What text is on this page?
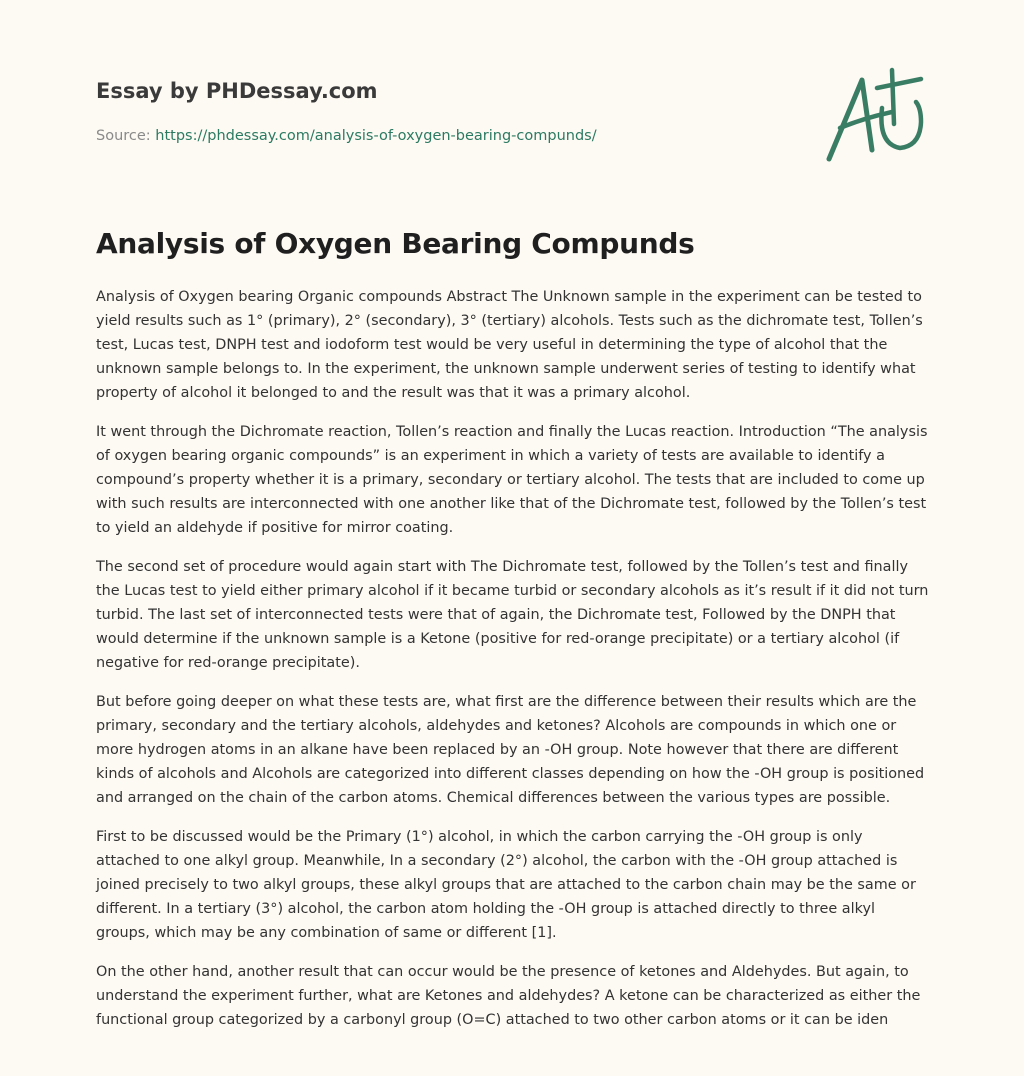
Essay by PHDessay.com
Source: https://phdessay.com/analysis-of-oxygen-bearing-compunds/
Analysis of Oxygen Bearing Compunds

Analysis of Oxygen bearing Organic compounds Abstract The Unknown sample in the experiment can be tested to yield results such as 1° (primary), 2° (secondary), 3° (tertiary) alcohols. Tests such as the dichromate test, Tollen’s test, Lucas test, DNPH test and iodoform test would be very useful in determining the type of alcohol that the unknown sample belongs to. In the experiment, the unknown sample underwent series of testing to identify what property of alcohol it belonged to and the result was that it was a primary alcohol.

It went through the Dichromate reaction, Tollen’s reaction and finally the Lucas reaction. Introduction “The analysis of oxygen bearing organic compounds” is an experiment in which a variety of tests are available to identify a compound’s property whether it is a primary, secondary or tertiary alcohol. The tests that are included to come up with such results are interconnected with one another like that of the Dichromate test, followed by the Tollen’s test to yield an aldehyde if positive for mirror coating.

The second set of procedure would again start with The Dichromate test, followed by the Tollen’s test and finally the Lucas test to yield either primary alcohol if it became turbid or secondary alcohols as it’s result if it did not turn turbid. The last set of interconnected tests were that of again, the Dichromate test, Followed by the DNPH that would determine if the unknown sample is a Ketone (positive for red-orange precipitate) or a tertiary alcohol (if negative for red-orange precipitate).

But before going deeper on what these tests are, what first are the difference between their results which are the primary, secondary and the tertiary alcohols, aldehydes and ketones? Alcohols are compounds in which one or more hydrogen atoms in an alkane have been replaced by an -OH group. Note however that there are different kinds of alcohols and Alcohols are categorized into different classes depending on how the -OH group is positioned and arranged on the chain of the carbon atoms. Chemical differences between the various types are possible.

First to be discussed would be the Primary (1°) alcohol, in which the carbon carrying the -OH group is only attached to one alkyl group. Meanwhile, In a secondary (2°) alcohol, the carbon with the -OH group attached is joined precisely to two alkyl groups, these alkyl groups that are attached to the carbon chain may be the same or different. In a tertiary (3°) alcohol, the carbon atom holding the -OH group is attached directly to three alkyl groups, which may be any combination of same or different [1].

On the other hand, another result that can occur would be the presence of ketones and Aldehydes. But again, to understand the experiment further, what are Ketones and aldehydes? A ketone can be characterized as either the functional group categorized by a carbonyl group (O=C) attached to two other carbon atoms or it can be iden
